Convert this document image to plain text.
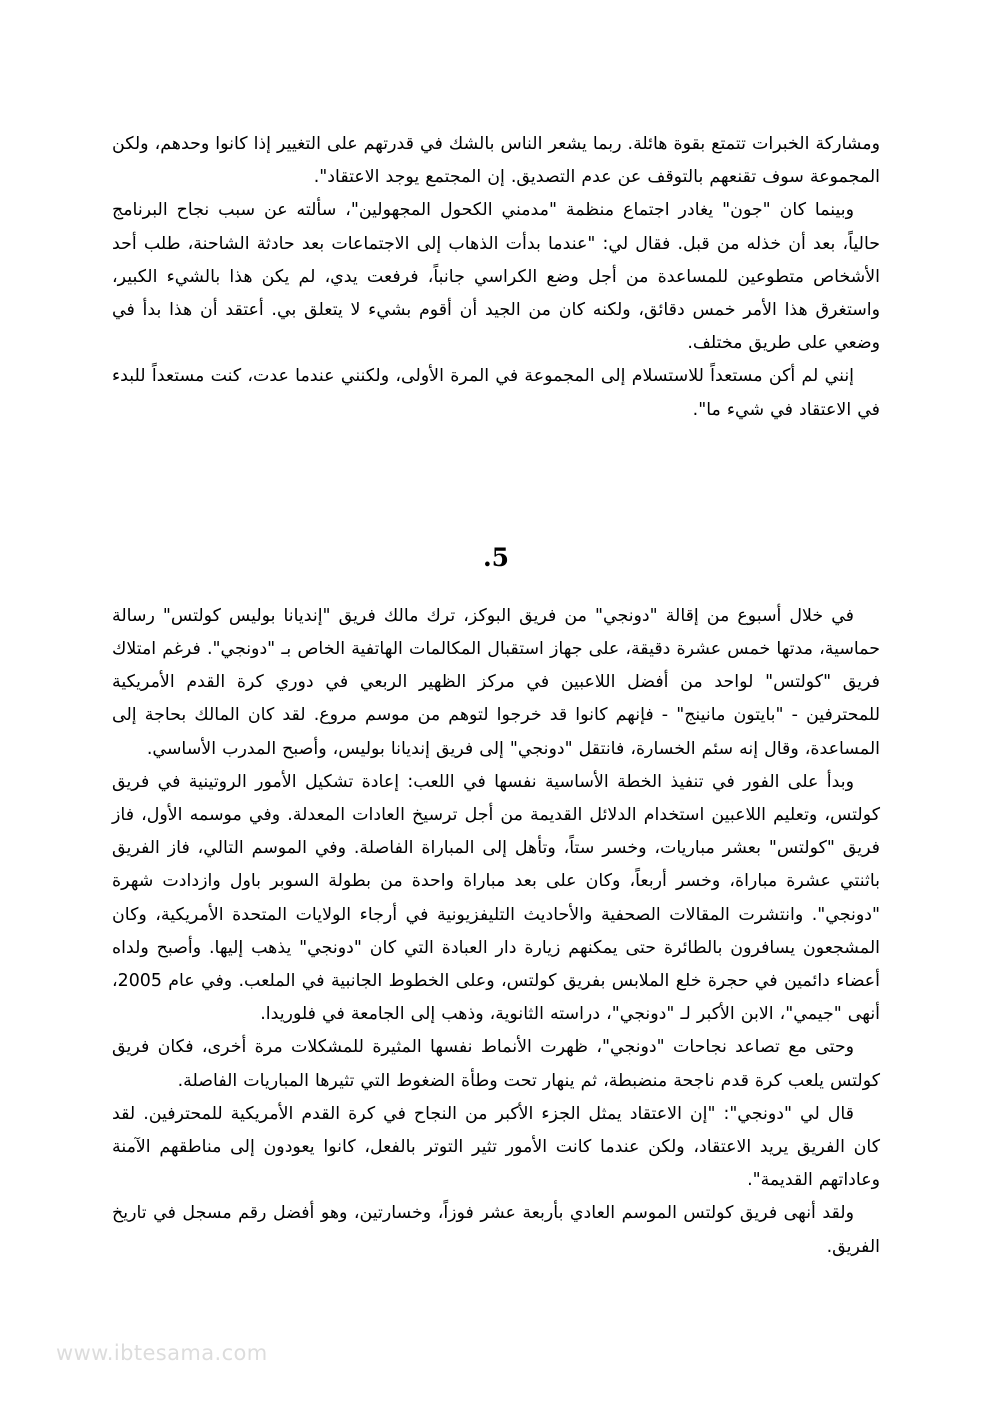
ومشاركة الخبرات تتمتع بقوة هائلة. ربما يشعر الناس بالشك في قدرتهم على التغيير إذا كانوا وحدهم، ولكن المجموعة سوف تقنعهم بالتوقف عن عدم التصديق. إن المجتمع يوجد الاعتقاد".

وبينما كان "جون" يغادر اجتماع منظمة "مدمني الكحول المجهولين"، سألته عن سبب نجاح البرنامج حالياً، بعد أن خذله من قبل. فقال لي: "عندما بدأت الذهاب إلى الاجتماعات بعد حادثة الشاحنة، طلب أحد الأشخاص متطوعين للمساعدة من أجل وضع الكراسي جانباً، فرفعت يدي، لم يكن هذا بالشيء الكبير، واستغرق هذا الأمر خمس دقائق، ولكنه كان من الجيد أن أقوم بشيء لا يتعلق بي. أعتقد أن هذا بدأ في وضعي على طريق مختلف.

إنني لم أكن مستعداً للاستسلام إلى المجموعة في المرة الأولى، ولكنني عندما عدت، كنت مستعداً للبدء في الاعتقاد في شيء ما".

.5

في خلال أسبوع من إقالة "دونجي" من فريق البوكز، ترك مالك فريق "إنديانا بوليس كولتس" رسالة حماسية، مدتها خمس عشرة دقيقة، على جهاز استقبال المكالمات الهاتفية الخاص بـ "دونجي". فرغم امتلاك فريق "كولتس" لواحد من أفضل اللاعبين في مركز الظهير الربعي في دوري كرة القدم الأمريكية للمحترفين - "بايتون مانينج" - فإنهم كانوا قد خرجوا لتوهم من موسم مروع. لقد كان المالك بحاجة إلى المساعدة، وقال إنه سئم الخسارة، فانتقل "دونجي" إلى فريق إنديانا بوليس، وأصبح المدرب الأساسي.

وبدأ على الفور في تنفيذ الخطة الأساسية نفسها في اللعب: إعادة تشكيل الأمور الروتينية في فريق كولتس، وتعليم اللاعبين استخدام الدلائل القديمة من أجل ترسيخ العادات المعدلة. وفي موسمه الأول، فاز فريق "كولتس" بعشر مباريات، وخسر ستاً، وتأهل إلى المباراة الفاصلة. وفي الموسم التالي، فاز الفريق باثنتي عشرة مباراة، وخسر أربعاً، وكان على بعد مباراة واحدة من بطولة السوبر باول وازدادت شهرة "دونجي". وانتشرت المقالات الصحفية والأحاديث التليفزيونية في أرجاء الولايات المتحدة الأمريكية، وكان المشجعون يسافرون بالطائرة حتى يمكنهم زيارة دار العبادة التي كان "دونجي" يذهب إليها. وأصبح ولداه أعضاء دائمين في حجرة خلع الملابس بفريق كولتس، وعلى الخطوط الجانبية في الملعب. وفي عام 2005، أنهى "جيمي"، الابن الأكبر لـ "دونجي"، دراسته الثانوية، وذهب إلى الجامعة في فلوريدا.

وحتى مع تصاعد نجاحات "دونجي"، ظهرت الأنماط نفسها المثيرة للمشكلات مرة أخرى، فكان فريق كولتس يلعب كرة قدم ناجحة منضبطة، ثم ينهار تحت وطأة الضغوط التي تثيرها المباريات الفاصلة.

قال لي "دونجي": "إن الاعتقاد يمثل الجزء الأكبر من النجاح في كرة القدم الأمريكية للمحترفين. لقد كان الفريق يريد الاعتقاد، ولكن عندما كانت الأمور تثير التوتر بالفعل، كانوا يعودون إلى مناطقهم الآمنة وعاداتهم القديمة".

ولقد أنهى فريق كولتس الموسم العادي بأربعة عشر فوزاً، وخسارتين، وهو أفضل رقم مسجل في تاريخ الفريق.

www.ibtesama.com
